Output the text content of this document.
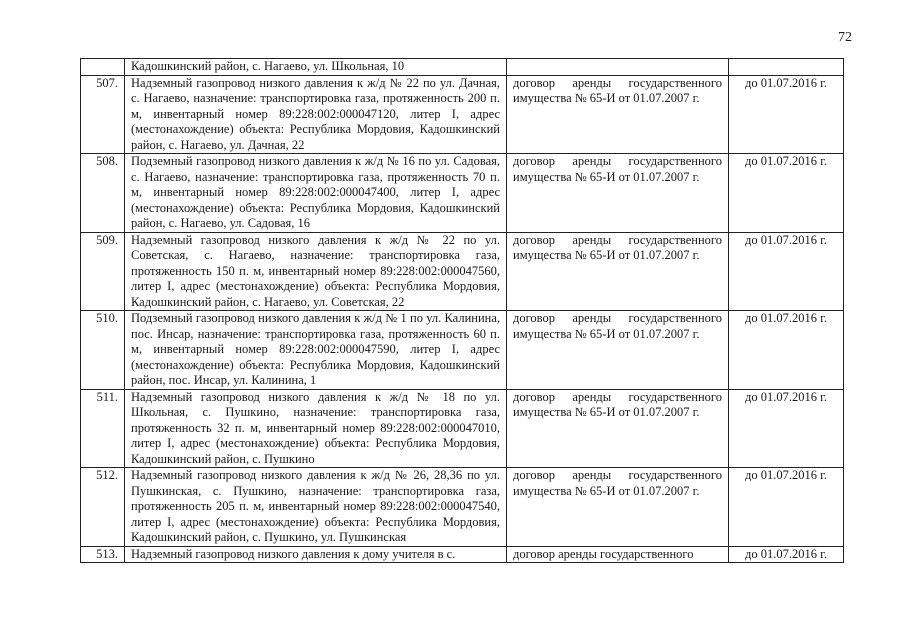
72
	Кадошкинский район, с. Нагаево, ул. Школьная, 10		
507.	Надземный газопровод низкого давления к ж/д № 22 по ул. Дачная, с. Нагаево, назначение: транспортировка газа, протяженность 200 п. м, инвентарный номер 89:228:002:000047120, литер I, адрес (местонахождение) объекта: Республика Мордовия, Кадошкинский район, с. Нагаево, ул. Дачная, 22	договор аренды государственного имущества № 65-И от 01.07.2007 г.	до 01.07.2016 г.
508.	Подземный газопровод низкого давления к ж/д № 16 по ул. Садовая, с. Нагаево, назначение: транспортировка газа, протяженность 70 п. м, инвентарный номер 89:228:002:000047400, литер I, адрес (местонахождение) объекта: Республика Мордовия, Кадошкинский район, с. Нагаево, ул. Садовая, 16	договор аренды государственного имущества № 65-И от 01.07.2007 г.	до 01.07.2016 г.
509.	Надземный газопровод низкого давления к ж/д № 22 по ул. Советская, с. Нагаево, назначение: транспортировка газа, протяженность 150 п. м, инвентарный номер 89:228:002:000047560, литер I, адрес (местонахождение) объекта: Республика Мордовия, Кадошкинский район, с. Нагаево, ул. Советская, 22	договор аренды государственного имущества № 65-И от 01.07.2007 г.	до 01.07.2016 г.
510.	Подземный газопровод низкого давления к ж/д № 1 по ул. Калинина, пос. Инсар, назначение: транспортировка газа, протяженность 60 п. м, инвентарный номер 89:228:002:000047590, литер I, адрес (местонахождение) объекта: Республика Мордовия, Кадошкинский район, пос. Инсар, ул. Калинина, 1	договор аренды государственного имущества № 65-И от 01.07.2007 г.	до 01.07.2016 г.
511.	Надземный газопровод низкого давления к ж/д № 18 по ул. Школьная, с. Пушкино, назначение: транспортировка газа, протяженность 32 п. м, инвентарный номер 89:228:002:000047010, литер I, адрес (местонахождение) объекта: Республика Мордовия, Кадошкинский район, с. Пушкино	договор аренды государственного имущества № 65-И от 01.07.2007 г.	до 01.07.2016 г.
512.	Надземный газопровод низкого давления к ж/д № 26, 28,36 по ул. Пушкинская, с. Пушкино, назначение: транспортировка газа, протяженность 205 п. м, инвентарный номер 89:228:002:000047540, литер I, адрес (местонахождение) объекта: Республика Мордовия, Кадошкинский район, с. Пушкино, ул. Пушкинская	договор аренды государственного имущества № 65-И от 01.07.2007 г.	до 01.07.2016 г.
513.	Надземный газопровод низкого давления к дому учителя в с.	договор аренды государственного	до 01.07.2016 г.
